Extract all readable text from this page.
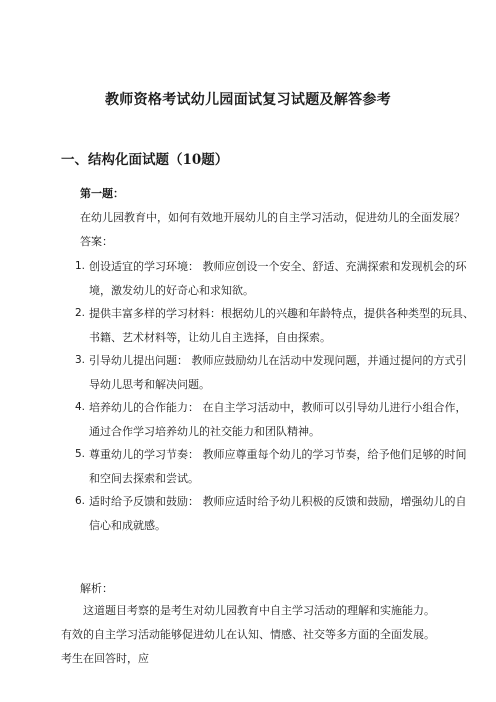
教师资格考试幼儿园面试复习试题及解答参考
一、结构化面试题（10题）
第一题：
在幼儿园教育中，如何有效地开展幼儿的自主学习活动，促进幼儿的全面发展？
答案：
1. 创设适宜的学习环境： 教师应创设一个安全、舒适、充满探索和发现机会的环
境，激发幼儿的好奇心和求知欲。
2. 提供丰富多样的学习材料：根据幼儿的兴趣和年龄特点，提供各种类型的玩具、
书籍、艺术材料等，让幼儿自主选择，自由探索。
3. 引导幼儿提出问题： 教师应鼓励幼儿在活动中发现问题，并通过提问的方式引
导幼儿思考和解决问题。
4. 培养幼儿的合作能力： 在自主学习活动中，教师可以引导幼儿进行小组合作，
通过合作学习培养幼儿的社交能力和团队精神。
5. 尊重幼儿的学习节奏： 教师应尊重每个幼儿的学习节奏，给予他们足够的时间
和空间去探索和尝试。
6. 适时给予反馈和鼓励： 教师应适时给予幼儿积极的反馈和鼓励，增强幼儿的自
信心和成就感。
解析：
这道题目考察的是考生对幼儿园教育中自主学习活动的理解和实施能力。有效的自主学习活动能够促进幼儿在认知、情感、社交等多方面的全面发展。考生在回答时，应
